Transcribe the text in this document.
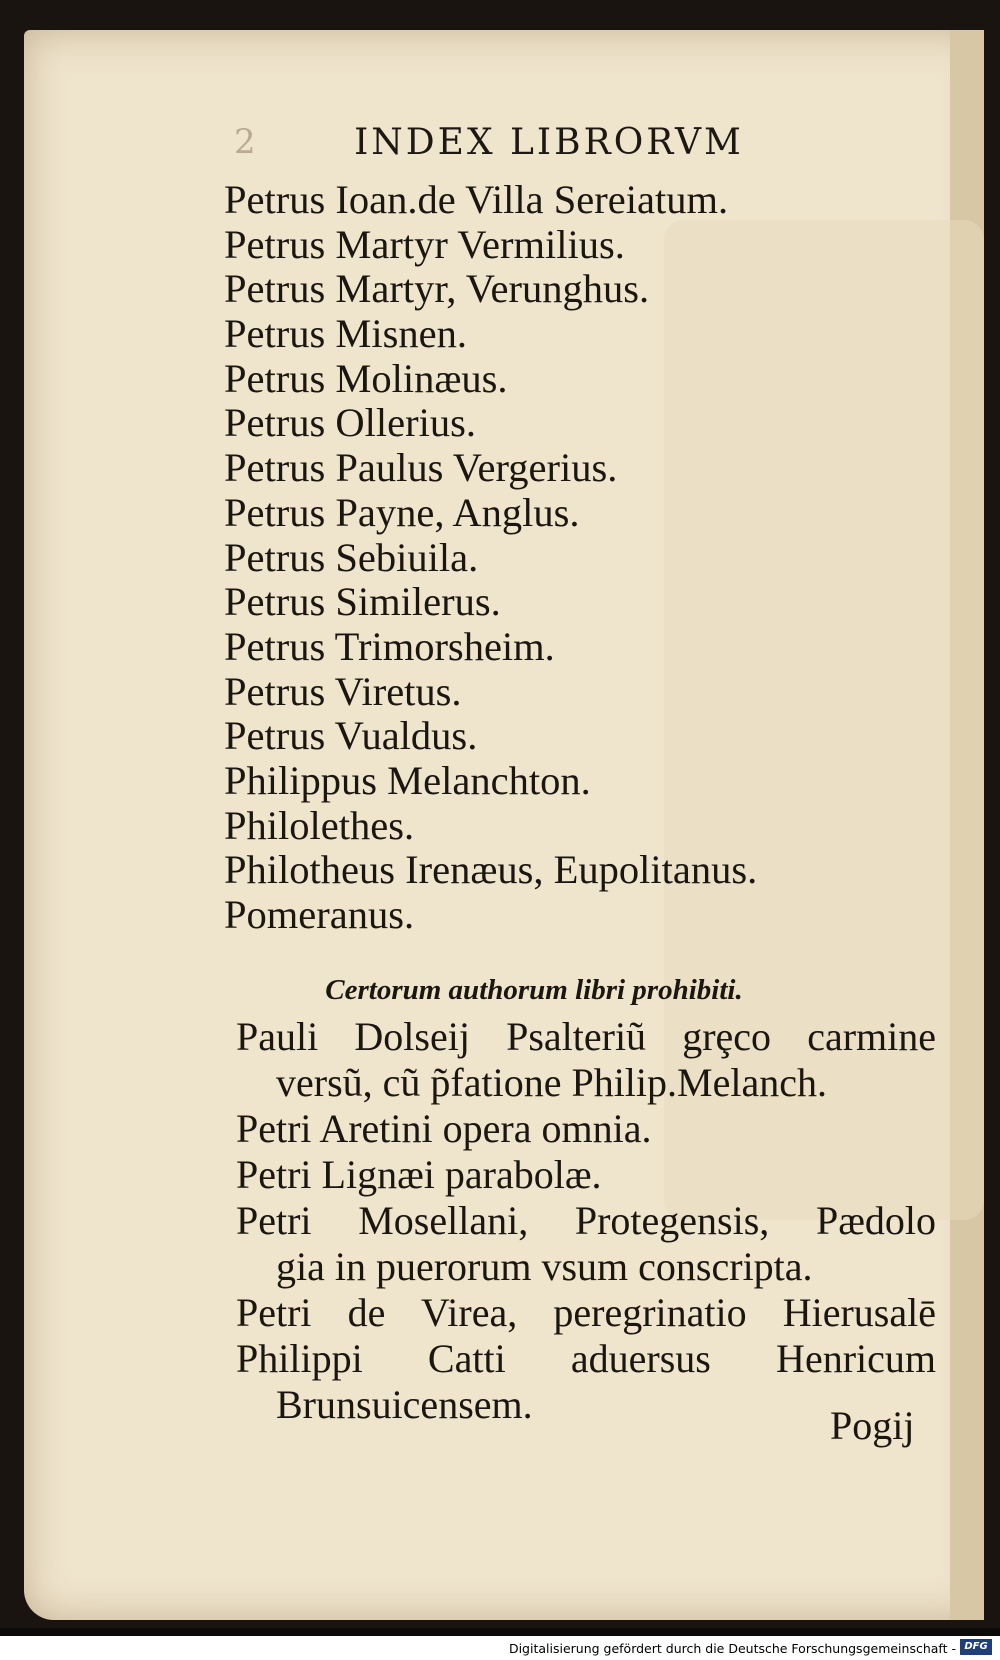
2	INDEX LIBRORVM
Petrus Ioan.de Villa Sereiatum.
Petrus Martyr Vermilius.
Petrus Martyr, Verunghus.
Petrus Misnen.
Petrus Molinæus.
Petrus Ollerius.
Petrus Paulus Vergerius.
Petrus Payne, Anglus.
Petrus Sebiuila.
Petrus Similerus.
Petrus Trimorsheim.
Petrus Viretus.
Petrus Vualdus.
Philippus Melanchton.
Philolethes.
Philotheus Irenæus, Eupolitanus.
Pomeranus.
Certorum authorum libri prohibiti.
Pauli Dolseij Psalteriũ grȩco carmine
versũ, cũ p̃fatione Philip.Melanch.
Petri Aretini opera omnia.
Petri Lignæi parabolæ.
Petri Mosellani, Protegensis, Pædolo
gia in puerorum vsum conscripta.
Petri de Virea, peregrinatio Hierusalē
Philippi Catti aduersus Henricum
Brunsuicensem.	Pogij
Digitalisierung gefördert durch die Deutsche Forschungsgemeinschaft - DFG
